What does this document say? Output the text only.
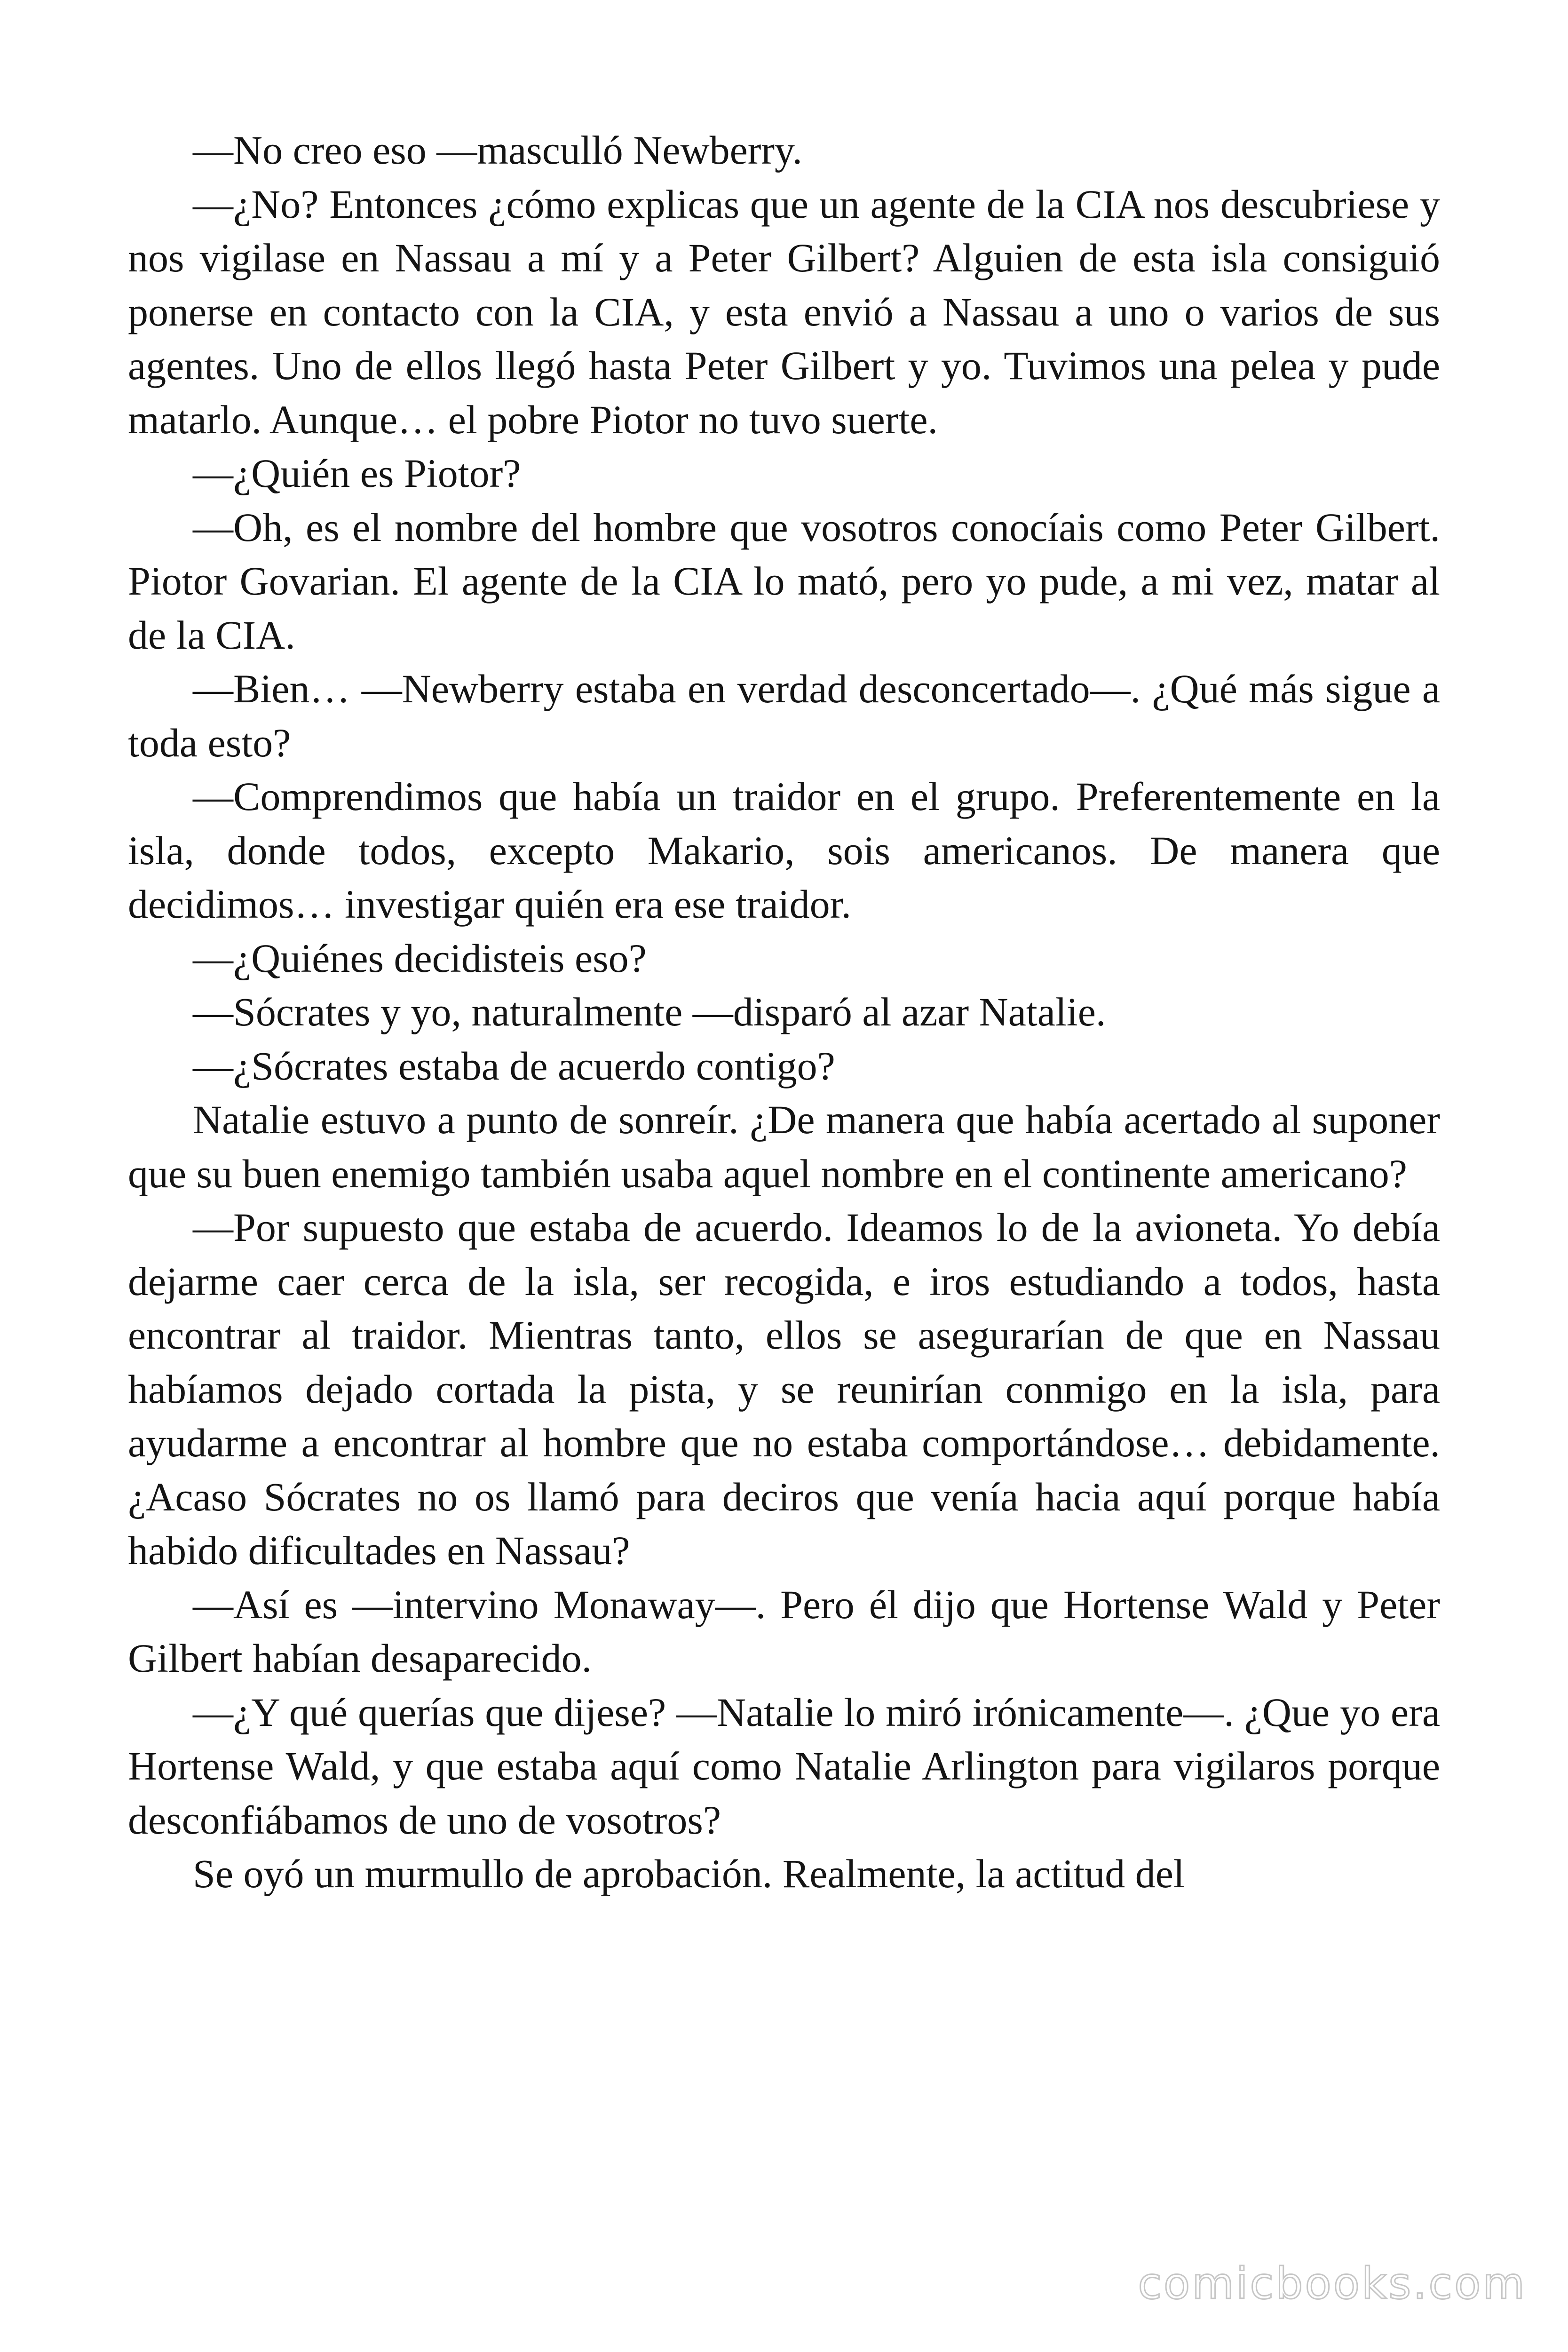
—No creo eso —masculló Newberry.

—¿No? Entonces ¿cómo explicas que un agente de la CIA nos descubriese y nos vigilase en Nassau a mí y a Peter Gilbert? Alguien de esta isla consiguió ponerse en contacto con la CIA, y esta envió a Nassau a uno o varios de sus agentes. Uno de ellos llegó hasta Peter Gilbert y yo. Tuvimos una pelea y pude matarlo. Aunque… el pobre Piotor no tuvo suerte.

—¿Quién es Piotor?

—Oh, es el nombre del hombre que vosotros conocíais como Peter Gilbert. Piotor Govarian. El agente de la CIA lo mató, pero yo pude, a mi vez, matar al de la CIA.

—Bien… —Newberry estaba en verdad desconcertado—. ¿Qué más sigue a toda esto?

—Comprendimos que había un traidor en el grupo. Preferentemente en la isla, donde todos, excepto Makario, sois americanos. De manera que decidimos… investigar quién era ese traidor.

—¿Quiénes decidisteis eso?

—Sócrates y yo, naturalmente —disparó al azar Natalie.

—¿Sócrates estaba de acuerdo contigo?

Natalie estuvo a punto de sonreír. ¿De manera que había acertado al suponer que su buen enemigo también usaba aquel nombre en el continente americano?

—Por supuesto que estaba de acuerdo. Ideamos lo de la avioneta. Yo debía dejarme caer cerca de la isla, ser recogida, e iros estudiando a todos, hasta encontrar al traidor. Mientras tanto, ellos se asegurarían de que en Nassau habíamos dejado cortada la pista, y se reunirían conmigo en la isla, para ayudarme a encontrar al hombre que no estaba comportándose… debidamente. ¿Acaso Sócrates no os llamó para deciros que venía hacia aquí porque había habido dificultades en Nassau?

—Así es —intervino Monaway—. Pero él dijo que Hortense Wald y Peter Gilbert habían desaparecido.

—¿Y qué querías que dijese? —Natalie lo miró irónicamente—. ¿Que yo era Hortense Wald, y que estaba aquí como Natalie Arlington para vigilaros porque desconfiábamos de uno de vosotros?

Se oyó un murmullo de aprobación. Realmente, la actitud del

comicbooks.com
